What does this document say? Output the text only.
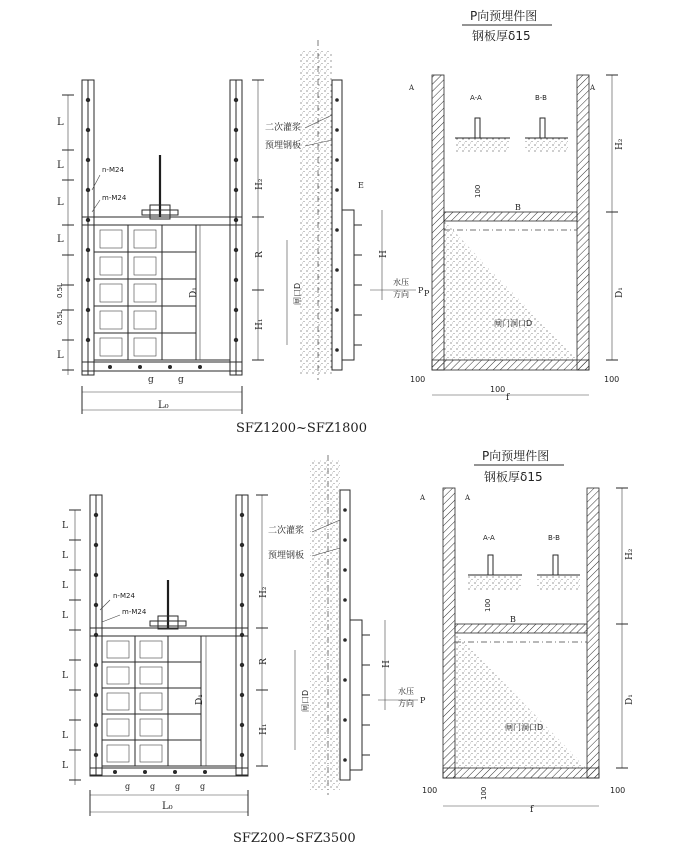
L
L
L
L
L
0.5L
0.5L
n-M24
m-M24
H₂
R
H₁
D₁
g	g
L₀
H
E
闸口D
二次灌浆
预埋钢板
水压
方向 P
P向预埋件图
钢板厚δ15
A-A	B-B
100
B
闸门洞口D
A	A
H₂
D₁
P
100	100
100
f
SFZ1200~SFZ1800
L
L
L
L
L
L
L
n-M24
m-M24
H₂
R
H₁
D₁
g g g g
L₀
H
闸口D
二次灌浆
预埋钢板
水压
方向 P
P向预埋件图
钢板厚δ15
A-A	B-B
100
B
闸门洞口D
A	A
H₂
D₁
100	100
100
f
SFZ200~SFZ3500
